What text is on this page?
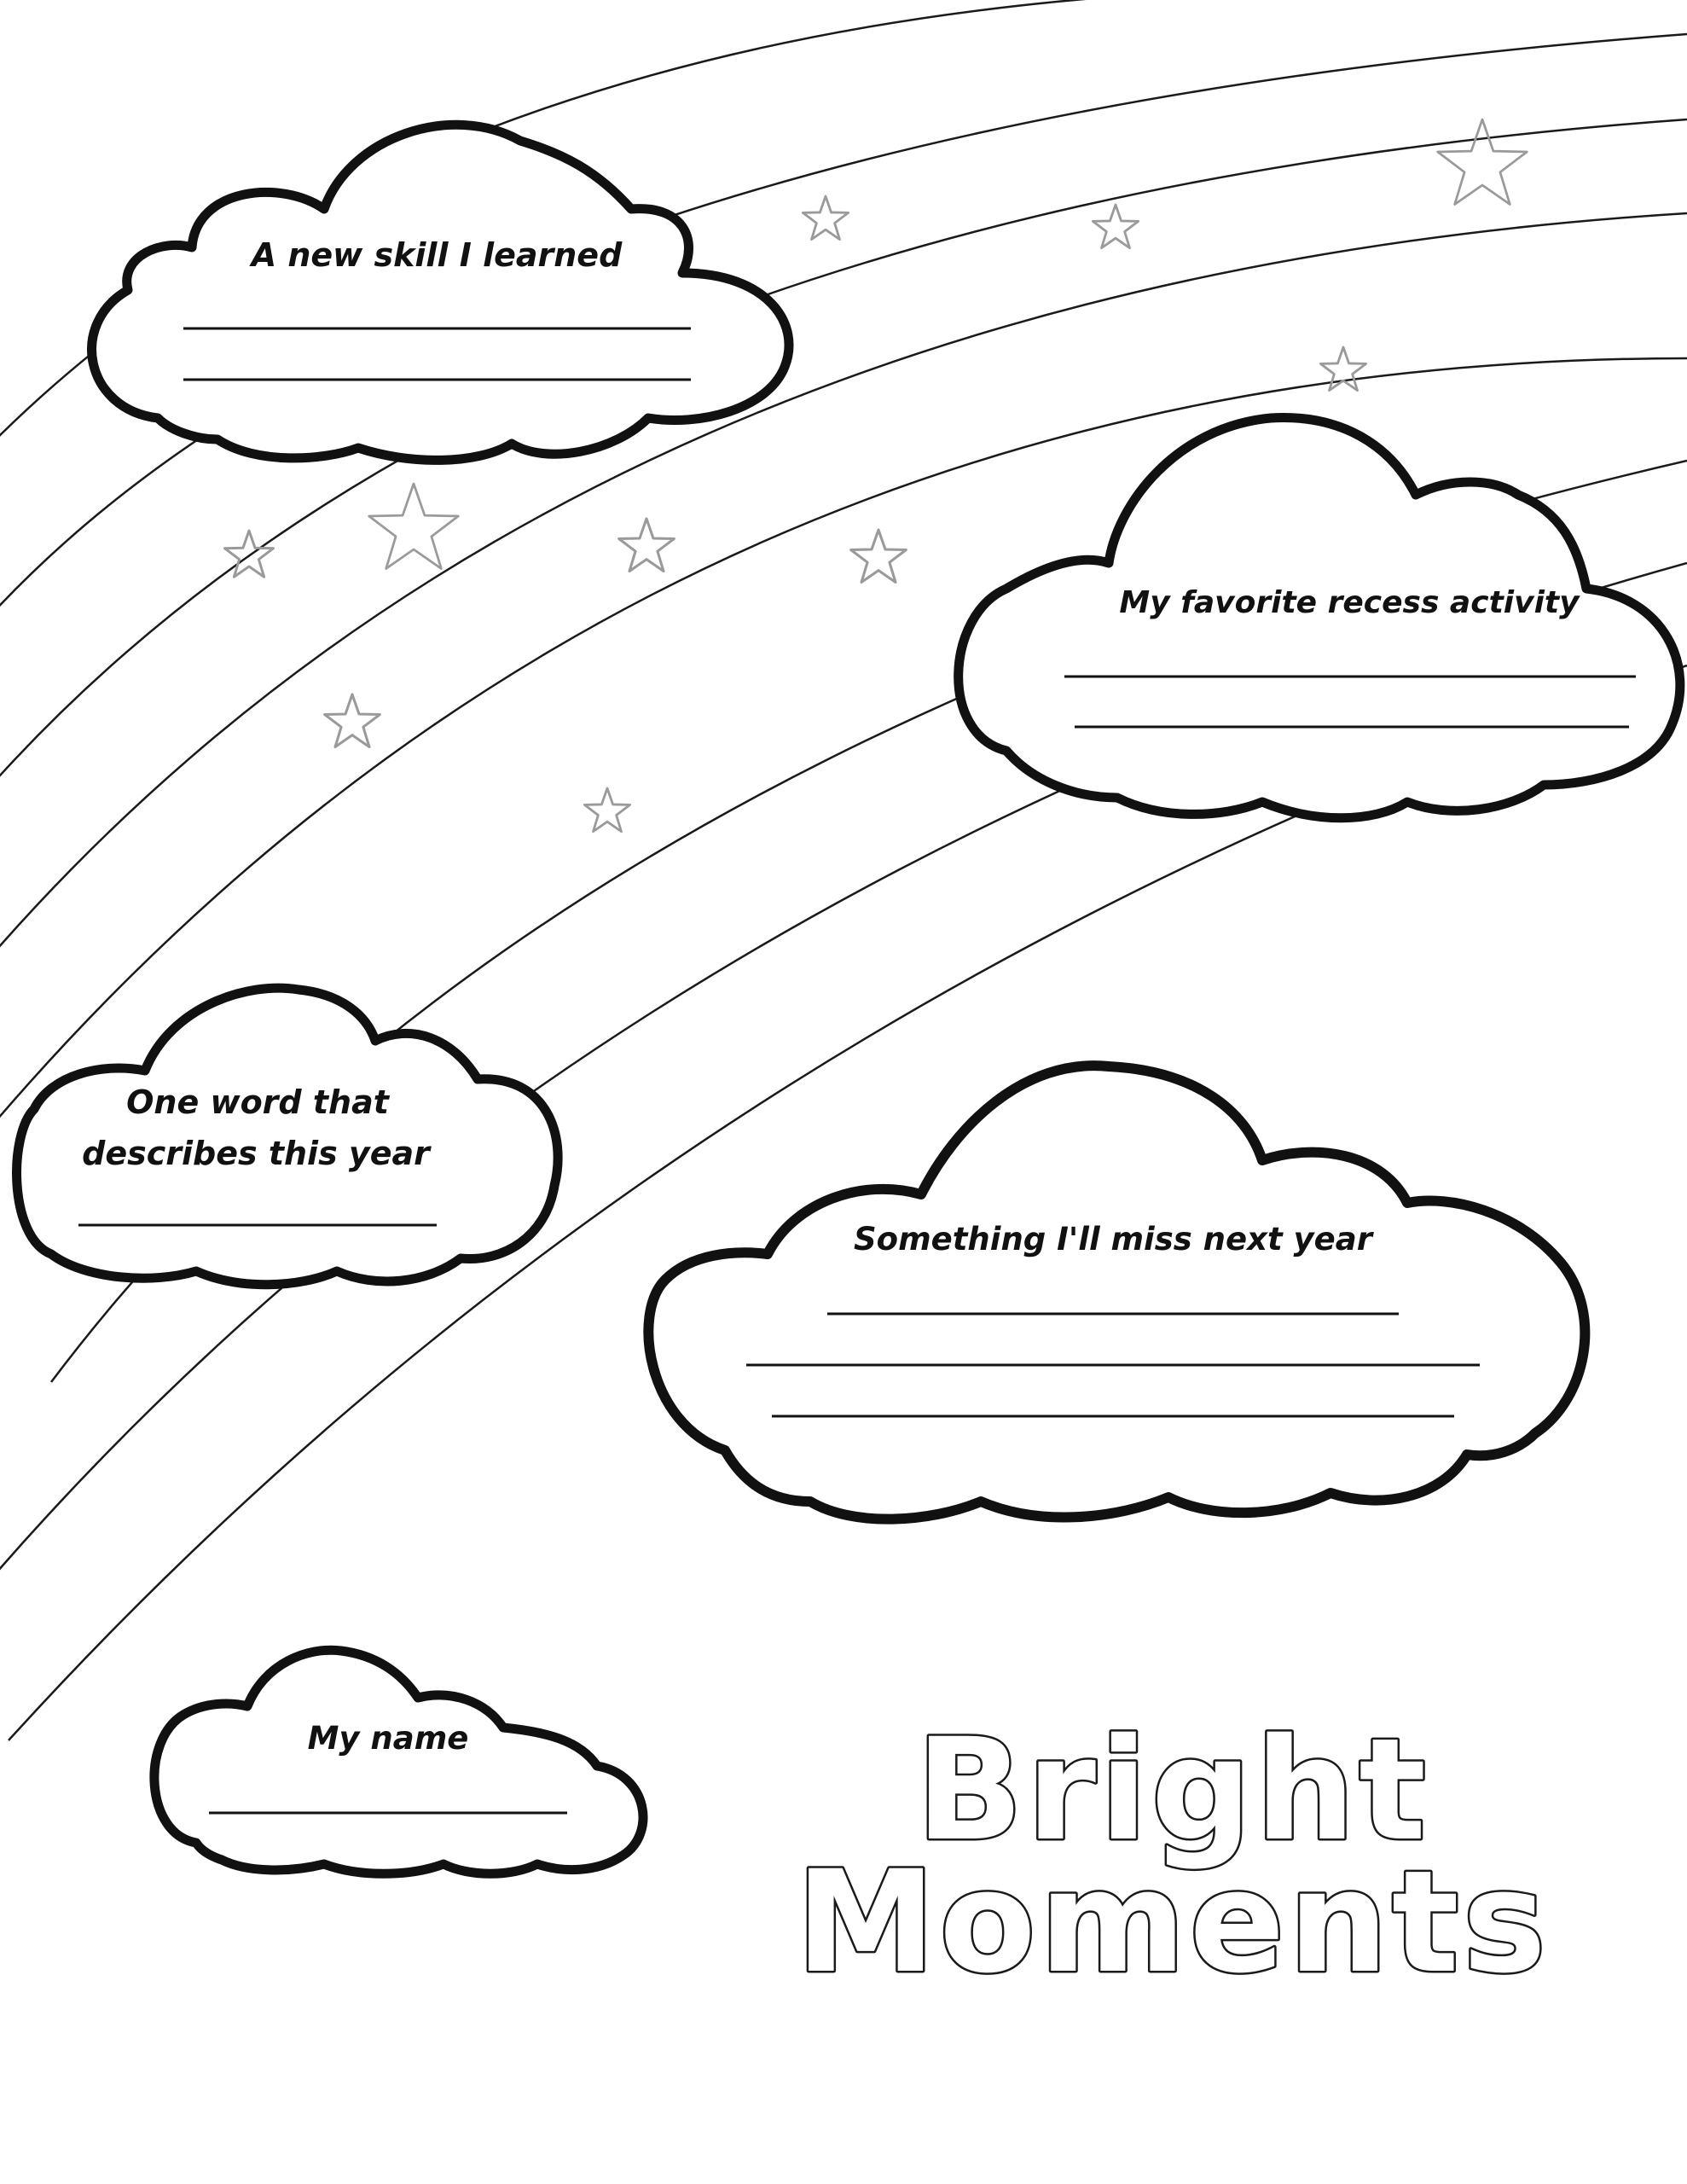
A new skill I learned
My favorite recess activity
One word that
describes this year
Something I'll miss next year
My name	Bright
Moments
